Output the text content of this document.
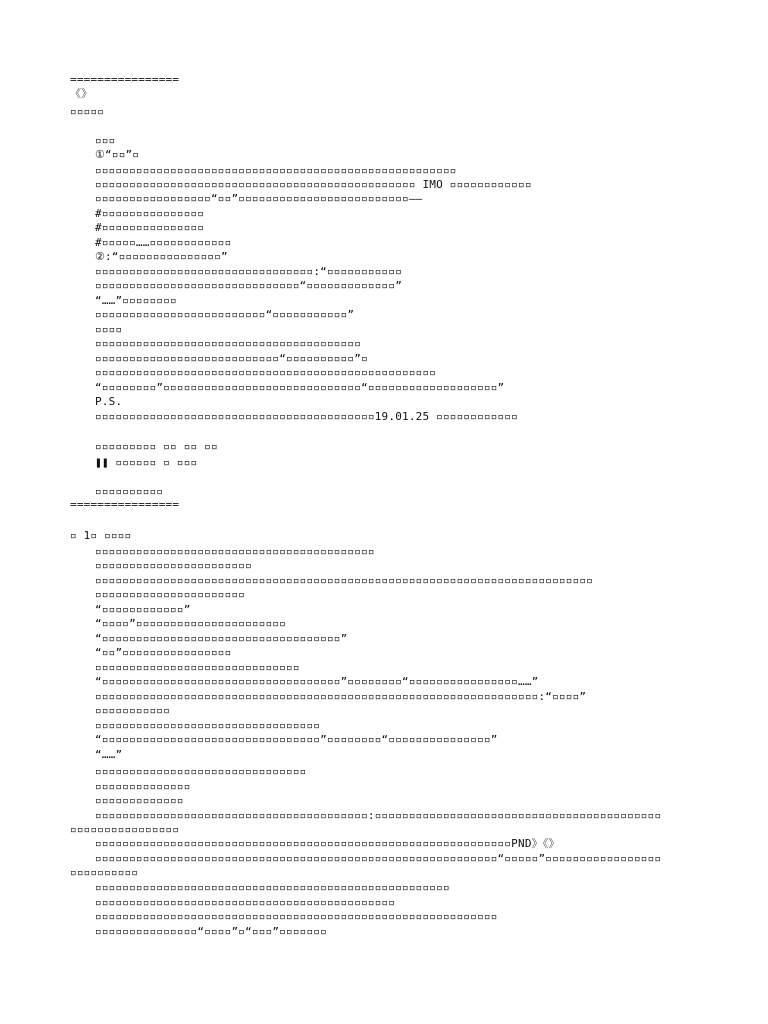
================
《》
▫▫▫▫▫
▫▫▫
①“▫▫”▫
▫▫▫▫▫▫▫▫▫▫▫▫▫▫▫▫▫▫▫▫▫▫▫▫▫▫▫▫▫▫▫▫▫▫▫▫▫▫▫▫▫▫▫▫▫▫▫▫▫▫▫▫▫
▫▫▫▫▫▫▫▫▫▫▫▫▫▫▫▫▫▫▫▫▫▫▫▫▫▫▫▫▫▫▫▫▫▫▫▫▫▫▫▫▫▫▫▫▫▫▫ IMO ▫▫▫▫▫▫▫▫▫▫▫▫
▫▫▫▫▫▫▫▫▫▫▫▫▫▫▫▫▫“▫▫”▫▫▫▫▫▫▫▫▫▫▫▫▫▫▫▫▫▫▫▫▫▫▫▫▫——
#▫▫▫▫▫▫▫▫▫▫▫▫▫▫▫
#▫▫▫▫▫▫▫▫▫▫▫▫▫▫▫
#▫▫▫▫▫……▫▫▫▫▫▫▫▫▫▫▫▫
②:“▫▫▫▫▫▫▫▫▫▫▫▫▫▫▫”
▫▫▫▫▫▫▫▫▫▫▫▫▫▫▫▫▫▫▫▫▫▫▫▫▫▫▫▫▫▫▫▫:“▫▫▫▫▫▫▫▫▫▫▫
▫▫▫▫▫▫▫▫▫▫▫▫▫▫▫▫▫▫▫▫▫▫▫▫▫▫▫▫▫▫“▫▫▫▫▫▫▫▫▫▫▫▫▫”
“……”▫▫▫▫▫▫▫▫
▫▫▫▫▫▫▫▫▫▫▫▫▫▫▫▫▫▫▫▫▫▫▫▫▫“▫▫▫▫▫▫▫▫▫▫▫”
▫▫▫▫
▫▫▫▫▫▫▫▫▫▫▫▫▫▫▫▫▫▫▫▫▫▫▫▫▫▫▫▫▫▫▫▫▫▫▫▫▫▫▫
▫▫▫▫▫▫▫▫▫▫▫▫▫▫▫▫▫▫▫▫▫▫▫▫▫▫▫“▫▫▫▫▫▫▫▫▫▫”▫
▫▫▫▫▫▫▫▫▫▫▫▫▫▫▫▫▫▫▫▫▫▫▫▫▫▫▫▫▫▫▫▫▫▫▫▫▫▫▫▫▫▫▫▫▫▫▫▫▫▫
“▫▫▫▫▫▫▫▫”▫▫▫▫▫▫▫▫▫▫▫▫▫▫▫▫▫▫▫▫▫▫▫▫▫▫▫▫▫“▫▫▫▫▫▫▫▫▫▫▫▫▫▫▫▫▫▫▫”
P.S.
▫▫▫▫▫▫▫▫▫▫▫▫▫▫▫▫▫▫▫▫▫▫▫▫▫▫▫▫▫▫▫▫▫▫▫▫▫▫▫▫▫19.01.25 ▫▫▫▫▫▫▫▫▫▫▫▫
▫▫▫▫▫▫▫▫▫ ▫▫ ▫▫ ▫▫
❚❚ ▫▫▫▫▫▫ ▫ ▫▫▫
▫▫▫▫▫▫▫▫▫▫
================
▫ 1▫ ▫▫▫▫
▫▫▫▫▫▫▫▫▫▫▫▫▫▫▫▫▫▫▫▫▫▫▫▫▫▫▫▫▫▫▫▫▫▫▫▫▫▫▫▫▫
▫▫▫▫▫▫▫▫▫▫▫▫▫▫▫▫▫▫▫▫▫▫▫
▫▫▫▫▫▫▫▫▫▫▫▫▫▫▫▫▫▫▫▫▫▫▫▫▫▫▫▫▫▫▫▫▫▫▫▫▫▫▫▫▫▫▫▫▫▫▫▫▫▫▫▫▫▫▫▫▫▫▫▫▫▫▫▫▫▫▫▫▫▫▫▫▫
▫▫▫▫▫▫▫▫▫▫▫▫▫▫▫▫▫▫▫▫▫▫
“▫▫▫▫▫▫▫▫▫▫▫▫”
“▫▫▫▫”▫▫▫▫▫▫▫▫▫▫▫▫▫▫▫▫▫▫▫▫▫▫
“▫▫▫▫▫▫▫▫▫▫▫▫▫▫▫▫▫▫▫▫▫▫▫▫▫▫▫▫▫▫▫▫▫▫▫”
“▫▫”▫▫▫▫▫▫▫▫▫▫▫▫▫▫▫▫
▫▫▫▫▫▫▫▫▫▫▫▫▫▫▫▫▫▫▫▫▫▫▫▫▫▫▫▫▫▫
“▫▫▫▫▫▫▫▫▫▫▫▫▫▫▫▫▫▫▫▫▫▫▫▫▫▫▫▫▫▫▫▫▫▫▫”▫▫▫▫▫▫▫▫“▫▫▫▫▫▫▫▫▫▫▫▫▫▫▫▫……”
▫▫▫▫▫▫▫▫▫▫▫▫▫▫▫▫▫▫▫▫▫▫▫▫▫▫▫▫▫▫▫▫▫▫▫▫▫▫▫▫▫▫▫▫▫▫▫▫▫▫▫▫▫▫▫▫▫▫▫▫▫▫▫▫▫:“▫▫▫▫”
▫▫▫▫▫▫▫▫▫▫▫
▫▫▫▫▫▫▫▫▫▫▫▫▫▫▫▫▫▫▫▫▫▫▫▫▫▫▫▫▫▫▫▫▫
“▫▫▫▫▫▫▫▫▫▫▫▫▫▫▫▫▫▫▫▫▫▫▫▫▫▫▫▫▫▫▫▫”▫▫▫▫▫▫▫▫“▫▫▫▫▫▫▫▫▫▫▫▫▫▫▫”
“……”
▫▫▫▫▫▫▫▫▫▫▫▫▫▫▫▫▫▫▫▫▫▫▫▫▫▫▫▫▫▫▫
▫▫▫▫▫▫▫▫▫▫▫▫▫▫
▫▫▫▫▫▫▫▫▫▫▫▫▫
▫▫▫▫▫▫▫▫▫▫▫▫▫▫▫▫▫▫▫▫▫▫▫▫▫▫▫▫▫▫▫▫▫▫▫▫▫▫▫▫:▫▫▫▫▫▫▫▫▫▫▫▫▫▫▫▫▫▫▫▫▫▫▫▫▫▫▫▫▫▫▫▫▫▫▫▫▫▫▫▫▫▫
▫▫▫▫▫▫▫▫▫▫▫▫▫▫▫▫
▫▫▫▫▫▫▫▫▫▫▫▫▫▫▫▫▫▫▫▫▫▫▫▫▫▫▫▫▫▫▫▫▫▫▫▫▫▫▫▫▫▫▫▫▫▫▫▫▫▫▫▫▫▫▫▫▫▫▫▫▫PND》《》
▫▫▫▫▫▫▫▫▫▫▫▫▫▫▫▫▫▫▫▫▫▫▫▫▫▫▫▫▫▫▫▫▫▫▫▫▫▫▫▫▫▫▫▫▫▫▫▫▫▫▫▫▫▫▫▫▫▫▫“▫▫▫▫▫”▫▫▫▫▫▫▫▫▫▫▫▫▫▫▫▫▫
▫▫▫▫▫▫▫▫▫▫
▫▫▫▫▫▫▫▫▫▫▫▫▫▫▫▫▫▫▫▫▫▫▫▫▫▫▫▫▫▫▫▫▫▫▫▫▫▫▫▫▫▫▫▫▫▫▫▫▫▫▫▫
▫▫▫▫▫▫▫▫▫▫▫▫▫▫▫▫▫▫▫▫▫▫▫▫▫▫▫▫▫▫▫▫▫▫▫▫▫▫▫▫▫▫▫▫
▫▫▫▫▫▫▫▫▫▫▫▫▫▫▫▫▫▫▫▫▫▫▫▫▫▫▫▫▫▫▫▫▫▫▫▫▫▫▫▫▫▫▫▫▫▫▫▫▫▫▫▫▫▫▫▫▫▫▫
▫▫▫▫▫▫▫▫▫▫▫▫▫▫▫“▫▫▫▫”▫“▫▫▫”▫▫▫▫▫▫▫
